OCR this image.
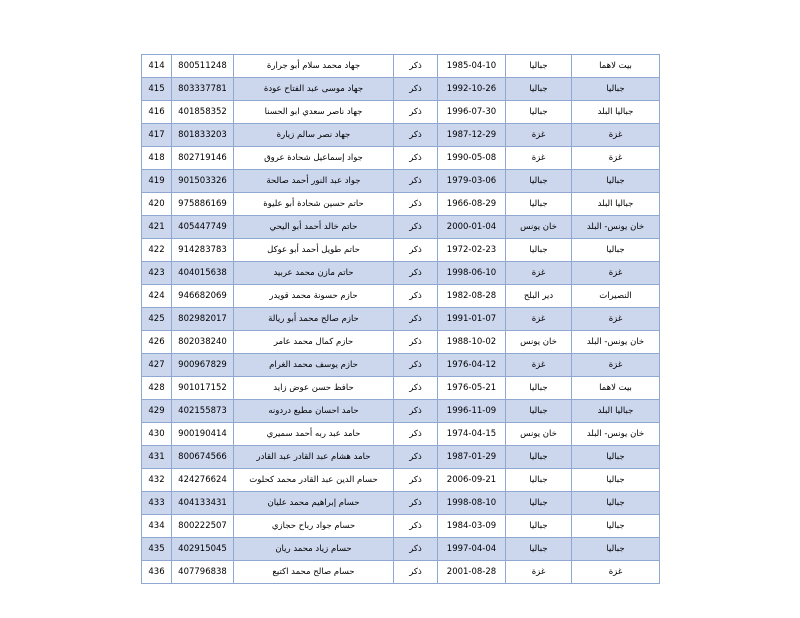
بيت لاهما	جباليا	1985-04-10	ذكر	جهاد محمد سلام أبو جرارة	800511248	414
جباليا	جباليا	1992-10-26	ذكر	جهاد موسى عبد الفتاح عودة	803337781	415
جباليا البلد	جباليا	1996-07-30	ذكر	جهاد ناصر سعدي ابو الحسنا	401858352	416
غزة	غزة	1987-12-29	ذكر	جهاد نصر سالم زيارة	801833203	417
غزة	غزة	1990-05-08	ذكر	جواد إسماعيل شحادة عروق	802719146	418
جباليا	جباليا	1979-03-06	ذكر	جواد عبد النور أحمد صالحة	901503326	419
جباليا البلد	جباليا	1966-08-29	ذكر	حاتم حسين شحادة أبو عليوة	975886169	420
خان يونس- البلد	خان يونس	2000-01-04	ذكر	حاتم خالد أحمد أبو اليحي	405447749	421
جباليا	جباليا	1972-02-23	ذكر	حاتم طويل أحمد أبو عوكل	914283783	422
غزة	غزة	1998-06-10	ذكر	حاتم مازن محمد عربيد	404015638	423
النصيرات	دير البلح	1982-08-28	ذكر	حازم حسونة محمد قويدر	946682069	424
غزة	غزة	1991-01-07	ذكر	حازم صالح محمد أبو ريالة	802982017	425
خان يونس- البلد	خان يونس	1988-10-02	ذكر	حازم كمال محمد عامر	802038240	426
غزة	غزة	1976-04-12	ذكر	حازم يوسف محمد الغرام	900967829	427
بيت لاهما	جباليا	1976-05-21	ذكر	حافظ حسن عوض زايد	901017152	428
جباليا البلد	جباليا	1996-11-09	ذكر	حامد احسان مطيع دردونه	402155873	429
خان يونس- البلد	خان يونس	1974-04-15	ذكر	حامد عبد ربه أحمد سميري	900190414	430
جباليا	جباليا	1987-01-29	ذكر	حامد هشام عبد القادر عبد القادر	800674566	431
جباليا	جباليا	2006-09-21	ذكر	حسام الدين عبد القادر محمد كحلوت	424276624	432
جباليا	جباليا	1998-08-10	ذكر	حسام إبراهيم محمد عليان	404133431	433
جباليا	جباليا	1984-03-09	ذكر	حسام جواد رباح حجازي	800222507	434
جباليا	جباليا	1997-04-04	ذكر	حسام زياد محمد ريان	402915045	435
غزة	غزة	2001-08-28	ذكر	حسام صالح محمد اكتيع	407796838	436
